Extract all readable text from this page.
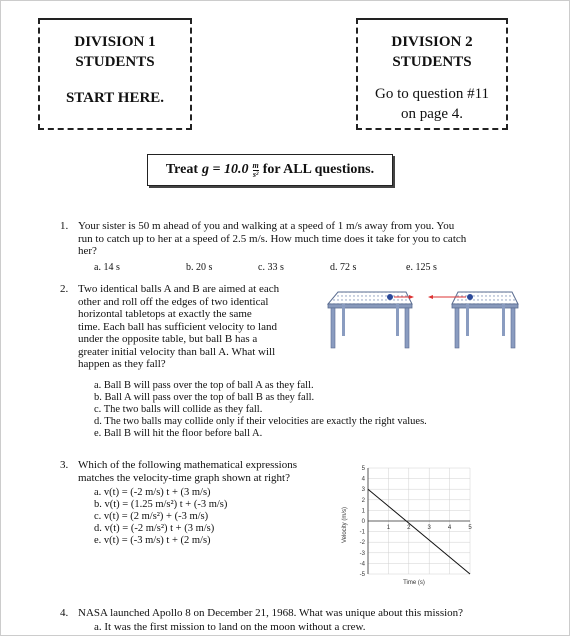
DIVISION 1
STUDENTS
START HERE.
DIVISION 2
STUDENTS
Go to question #11
on page 4.
Treat $g = 10.0 \frac{m}{\text{s²}}$ for ALL questions.
1. Your sister is 50 m ahead of you and walking at a speed of 1 m/s away from you. You
run to catch up to her at a speed of 2.5 m/s. How much time does it take for you to catch
her?
a. 14 s	b. 20 s	c. 33 s	d. 72 s	e. 125 s
2. Two identical balls A and B are aimed at each
other and roll off the edges of two identical
horizontal tabletops at exactly the same
time. Each ball has sufficient velocity to land
under the opposite table, but ball B has a
greater initial velocity than ball A. What will
happen as they fall?
a. Ball B will pass over the top of ball A as they fall.
b. Ball A will pass over the top of ball B as they fall.
c. The two balls will collide as they fall.
d. The two balls may collide only if their velocities are exactly the right values.
e. Ball B will hit the floor before ball A.
3. Which of the following mathematical expressions
matches the velocity-time graph shown at right?
a. v(t) = (-2 m/s) t + (3 m/s)
b. v(t) = (1.25 m/s²) t + (-3 m/s)
c. v(t) = (2 m/s²) + (-3 m/s)
d. v(t) = (-2 m/s²) t + (3 m/s)
e. v(t) = (-3 m/s) t + (2 m/s)
1	2	3	4	5
5
4
3
2
1
0
-1
-2
-3
-4
-5
Time (s)
Velocity (m/s)
4. NASA launched Apollo 8 on December 21, 1968. What was unique about this mission?
a. It was the first mission to land on the moon without a crew.
